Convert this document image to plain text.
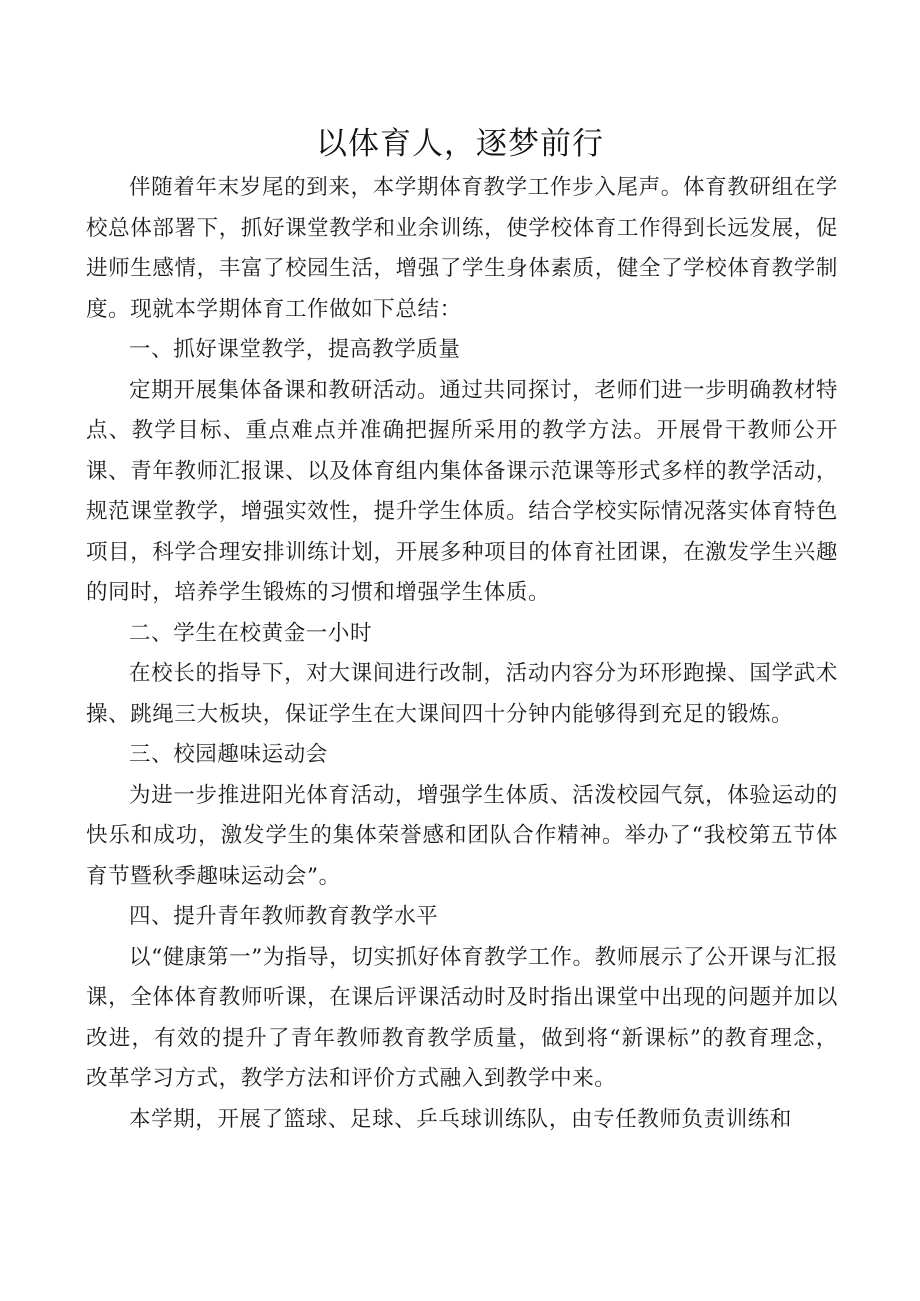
以体育人，逐梦前行

伴随着年末岁尾的到来，本学期体育教学工作步入尾声。体育教研组在学校总体部署下，抓好课堂教学和业余训练，使学校体育工作得到长远发展，促进师生感情，丰富了校园生活，增强了学生身体素质，健全了学校体育教学制度。现就本学期体育工作做如下总结：

一、抓好课堂教学，提高教学质量

定期开展集体备课和教研活动。通过共同探讨，老师们进一步明确教材特点、教学目标、重点难点并准确把握所采用的教学方法。开展骨干教师公开课、青年教师汇报课、以及体育组内集体备课示范课等形式多样的教学活动，规范课堂教学，增强实效性，提升学生体质。结合学校实际情况落实体育特色项目，科学合理安排训练计划，开展多种项目的体育社团课，在激发学生兴趣的同时，培养学生锻炼的习惯和增强学生体质。

二、学生在校黄金一小时

在校长的指导下，对大课间进行改制，活动内容分为环形跑操、国学武术操、跳绳三大板块，保证学生在大课间四十分钟内能够得到充足的锻炼。

三、校园趣味运动会

为进一步推进阳光体育活动，增强学生体质、活泼校园气氛，体验运动的快乐和成功，激发学生的集体荣誉感和团队合作精神。举办了“我校第五节体育节暨秋季趣味运动会”。

四、提升青年教师教育教学水平

以“健康第一”为指导，切实抓好体育教学工作。教师展示了公开课与汇报课，全体体育教师听课，在课后评课活动时及时指出课堂中出现的问题并加以改进，有效的提升了青年教师教育教学质量，做到将“新课标”的教育理念，改革学习方式，教学方法和评价方式融入到教学中来。

本学期，开展了篮球、足球、乒乓球训练队，由专任教师负责训练和
